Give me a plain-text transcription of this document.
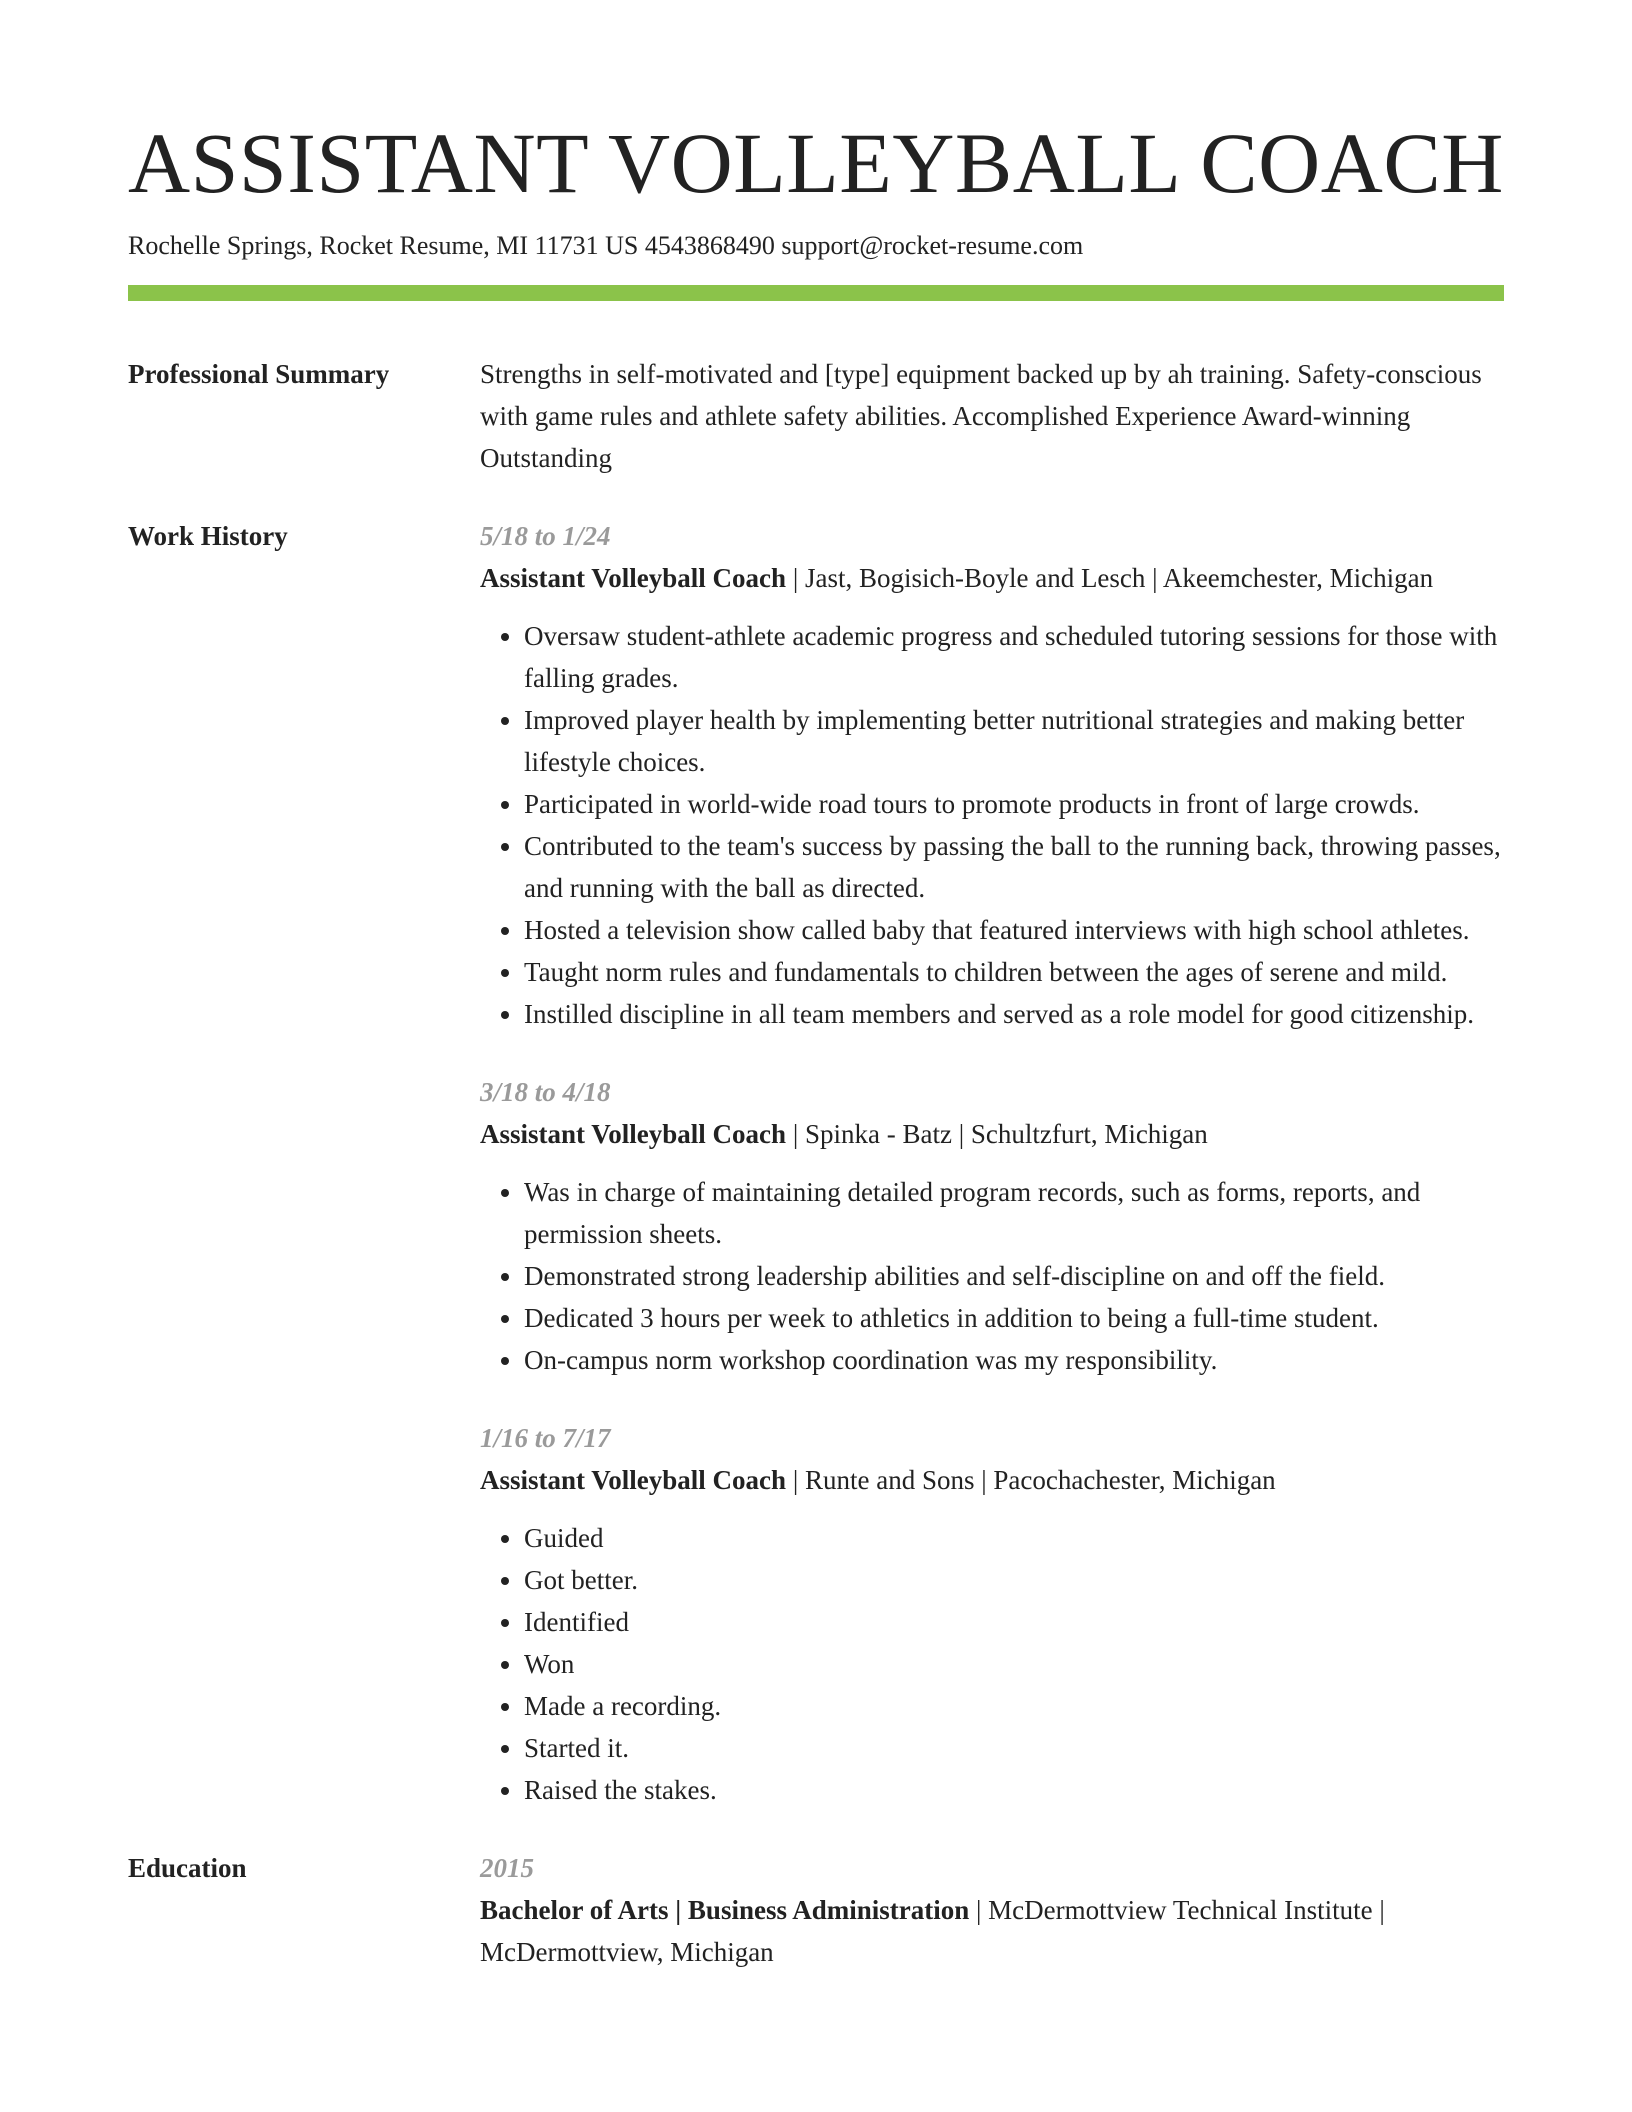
ASSISTANT VOLLEYBALL COACH
Rochelle Springs, Rocket Resume, MI 11731 US 4543868490 support@rocket-resume.com
Professional Summary	Strengths in self-motivated and [type] equipment backed up by ah training. Safety-conscious with game rules and athlete safety abilities. Accomplished Experience Award-winning Outstanding
Work History	5/18 to 1/24
Assistant Volleyball Coach | Jast, Bogisich-Boyle and Lesch | Akeemchester, Michigan
• Oversaw student-athlete academic progress and scheduled tutoring sessions for those with falling grades.
• Improved player health by implementing better nutritional strategies and making better lifestyle choices.
• Participated in world-wide road tours to promote products in front of large crowds.
• Contributed to the team's success by passing the ball to the running back, throwing passes, and running with the ball as directed.
• Hosted a television show called baby that featured interviews with high school athletes.
• Taught norm rules and fundamentals to children between the ages of serene and mild.
• Instilled discipline in all team members and served as a role model for good citizenship.
3/18 to 4/18
Assistant Volleyball Coach | Spinka - Batz | Schultzfurt, Michigan
• Was in charge of maintaining detailed program records, such as forms, reports, and permission sheets.
• Demonstrated strong leadership abilities and self-discipline on and off the field.
• Dedicated 3 hours per week to athletics in addition to being a full-time student.
• On-campus norm workshop coordination was my responsibility.
1/16 to 7/17
Assistant Volleyball Coach | Runte and Sons | Pacochachester, Michigan
• Guided
• Got better.
• Identified
• Won
• Made a recording.
• Started it.
• Raised the stakes.
Education	2015
Bachelor of Arts | Business Administration | McDermottview Technical Institute | McDermottview, Michigan
